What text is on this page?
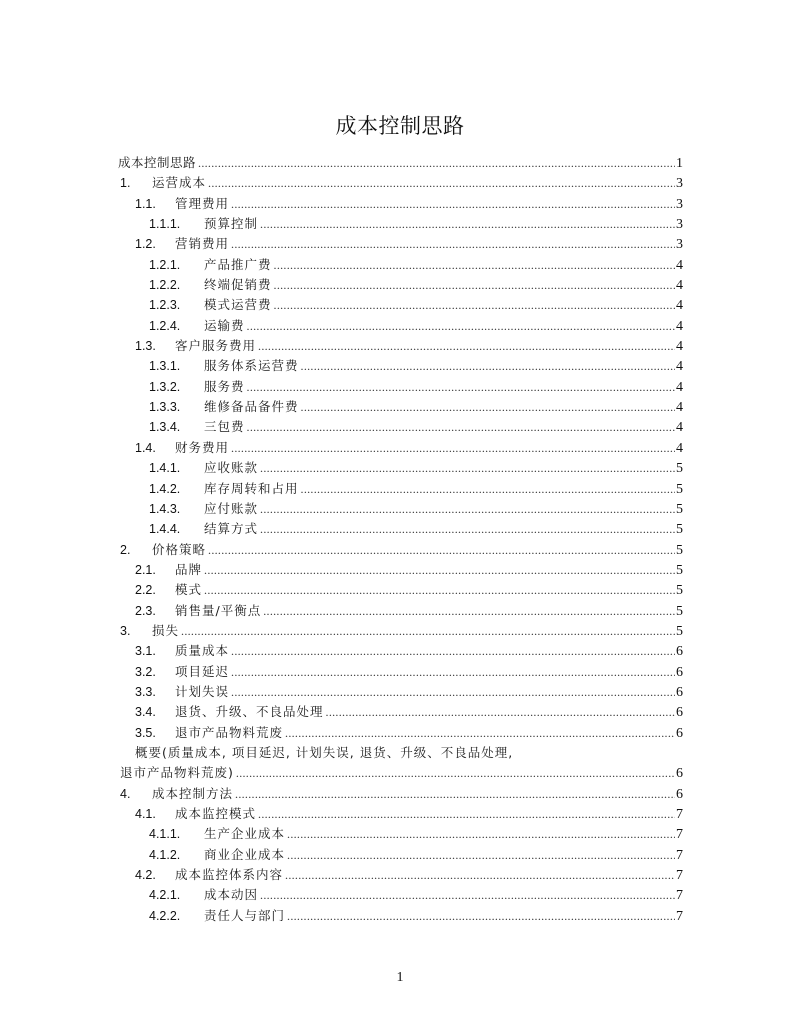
成本控制思路
成本控制思路 .....	1
1.	运营成本 .....	3
1.1.	管理费用 .....	3
1.1.1.	预算控制 .....	3
1.2.	营销费用 .....	3
1.2.1.	产品推广费 .....	4
1.2.2.	终端促销费 .....	4
1.2.3.	模式运营费 .....	4
1.2.4.	运输费 .....	4
1.3.	客户服务费用 .....	4
1.3.1.	服务体系运营费 .....	4
1.3.2.	服务费 .....	4
1.3.3.	维修备品备件费 .....	4
1.3.4.	三包费 .....	4
1.4.	财务费用 .....	4
1.4.1.	应收账款 .....	5
1.4.2.	库存周转和占用 .....	5
1.4.3.	应付账款 .....	5
1.4.4.	结算方式 .....	5
2.	价格策略 .....	5
2.1.	品牌 .....	5
2.2.	模式 .....	5
2.3.	销售量/平衡点 .....	5
3.	损失 .....	5
3.1.	质量成本 .....	6
3.2.	项目延迟 .....	6
3.3.	计划失误 .....	6
3.4.	退货、升级、不良品处理 .....	6
3.5.	退市产品物料荒废 .....	6
概要(质量成本, 项目延迟, 计划失误, 退货、升级、不良品处理,
退市产品物料荒废) .....	6
4.	成本控制方法 .....	6
4.1.	成本监控模式 .....	7
4.1.1.	生产企业成本 .....	7
4.1.2.	商业企业成本 .....	7
4.2.	成本监控体系内容 .....	7
4.2.1.	成本动因 .....	7
4.2.2.	责任人与部门 .....	7
1
